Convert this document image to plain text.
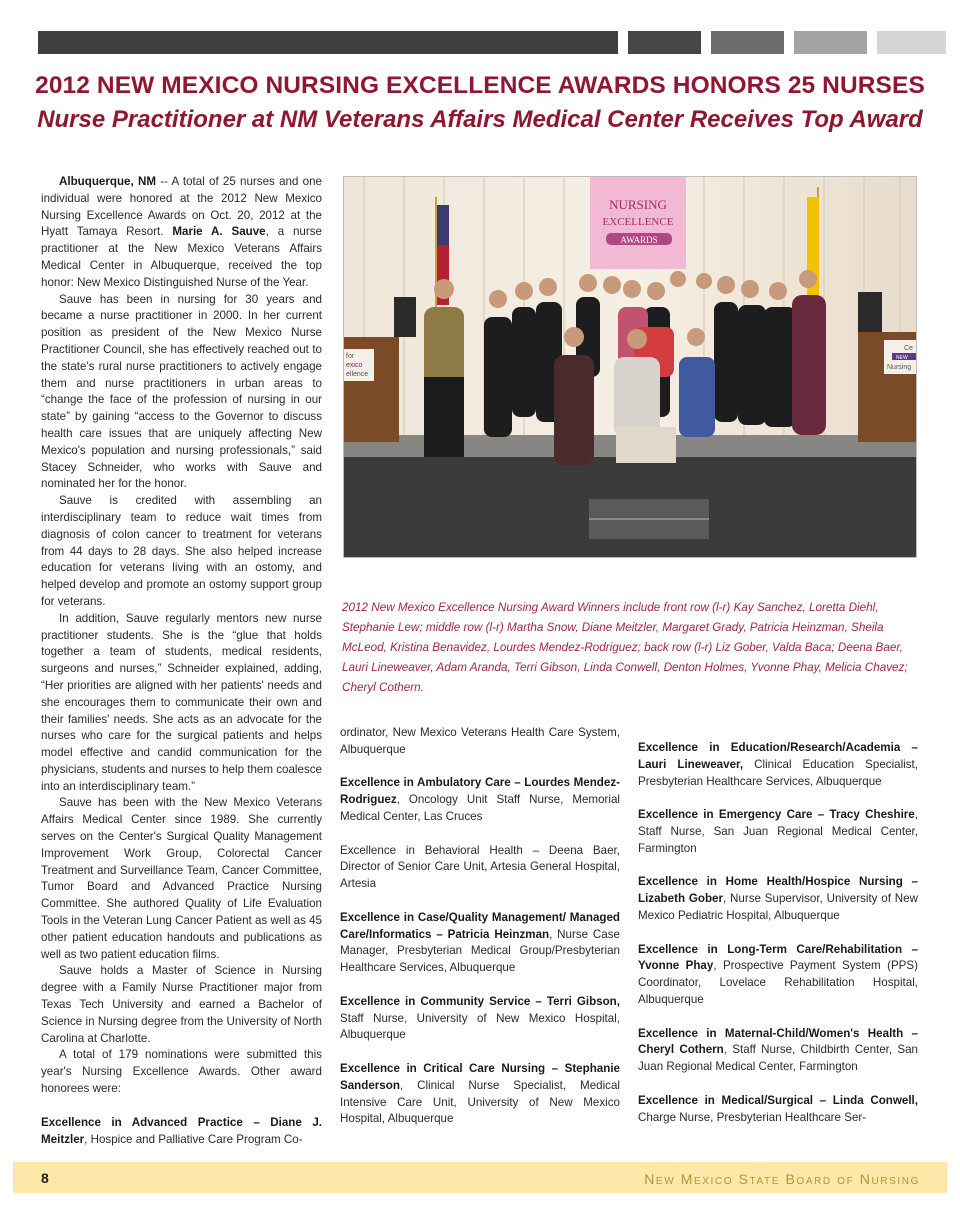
2012 NEW MEXICO NURSING EXCELLENCE AWARDS HONORS 25 NURSES
Nurse Practitioner at NM Veterans Affairs Medical Center Receives Top Award

Albuquerque, NM -- A total of 25 nurses and one individual were honored at the 2012 New Mexico Nursing Excellence Awards on Oct. 20, 2012 at the Hyatt Tamaya Resort. Marie A. Sauve, a nurse practitioner at the New Mexico Veterans Affairs Medical Center in Albuquerque, received the top honor: New Mexico Distinguished Nurse of the Year.

Sauve has been in nursing for 30 years and became a nurse practitioner in 2000. In her current position as president of the New Mexico Nurse Practitioner Council, she has effectively reached out to the state's rural nurse practitioners to actively engage them and nurse practitioners in urban areas to “change the face of the profession of nursing in our state” by gaining “access to the Governor to discuss health care issues that are uniquely affecting New Mexico's population and nursing professionals,” said Stacey Schneider, who works with Sauve and nominated her for the honor.

Sauve is credited with assembling an interdisciplinary team to reduce wait times from diagnosis of colon cancer to treatment for veterans from 44 days to 28 days. She also helped increase education for veterans living with an ostomy, and helped develop and promote an ostomy support group for veterans.

In addition, Sauve regularly mentors new nurse practitioner students. She is the “glue that holds together a team of students, medical residents, surgeons and nurses,” Schneider explained, adding, “Her priorities are aligned with her patients' needs and she encourages them to communicate their own and their families' needs. She acts as an advocate for the nurses who care for the surgical patients and helps model effective and candid communication for the physicians, students and nurses to help them coalesce into an interdisciplinary team.”

Sauve has been with the New Mexico Veterans Affairs Medical Center since 1989. She currently serves on the Center's Surgical Quality Management Improvement Work Group, Colorectal Cancer Treatment and Surveillance Team, Cancer Committee, Tumor Board and Advanced Practice Nursing Committee. She authored Quality of Life Evaluation Tools in the Veteran Lung Cancer Patient as well as 45 other patient education handouts and publications as well as two patient education films.

Sauve holds a Master of Science in Nursing degree with a Family Nurse Practitioner major from Texas Tech University and earned a Bachelor of Science in Nursing degree from the University of North Carolina at Charlotte.

A total of 179 nominations were submitted this year's Nursing Excellence Awards. Other award honorees were:

Excellence in Advanced Practice – Diane J. Meitzler, Hospice and Palliative Care Program Co-

NURSING
EXCELLENCE
AWARDS
for
exico
ellence
Ce
NEW
Nursing

2012 New Mexico Excellence Nursing Award Winners include front row (l-r) Kay Sanchez, Loretta Diehl, Stephanie Lew; middle row (l-r) Martha Snow, Diane Meitzler, Margaret Grady, Patricia Heinzman, Sheila McLeod, Kristina Benavidez, Lourdes Mendez-Rodriguez; back row (l-r) Liz Gober, Valda Baca; Deena Baer, Lauri Lineweaver, Adam Aranda, Terri Gibson, Linda Conwell, Denton Holmes, Yvonne Phay, Melicia Chavez; Cheryl Cothern.

ordinator, New Mexico Veterans Health Care System, Albuquerque

Excellence in Ambulatory Care – Lourdes Mendez-Rodriguez, Oncology Unit Staff Nurse, Memorial Medical Center, Las Cruces

Excellence in Behavioral Health – Deena Baer, Director of Senior Care Unit, Artesia General Hospital, Artesia

Excellence in Case/Quality Management/ Managed Care/Informatics – Patricia Heinzman, Nurse Case Manager, Presbyterian Medical Group/Presbyterian Healthcare Services, Albuquerque

Excellence in Community Service – Terri Gibson, Staff Nurse, University of New Mexico Hospital, Albuquerque

Excellence in Critical Care Nursing – Stephanie Sanderson, Clinical Nurse Specialist, Medical Intensive Care Unit, University of New Mexico Hospital, Albuquerque

Excellence in Education/Research/Academia – Lauri Lineweaver, Clinical Education Specialist, Presbyterian Healthcare Services, Albuquerque

Excellence in Emergency Care – Tracy Cheshire, Staff Nurse, San Juan Regional Medical Center, Farmington

Excellence in Home Health/Hospice Nursing – Lizabeth Gober, Nurse Supervisor, University of New Mexico Pediatric Hospital, Albuquerque

Excellence in Long-Term Care/Rehabilitation – Yvonne Phay, Prospective Payment System (PPS) Coordinator, Lovelace Rehabilitation Hospital, Albuquerque

Excellence in Maternal-Child/Women's Health – Cheryl Cothern, Staff Nurse, Childbirth Center, San Juan Regional Medical Center, Farmington

Excellence in Medical/Surgical – Linda Conwell, Charge Nurse, Presbyterian Healthcare Ser-

8	New Mexico State Board of Nursing
